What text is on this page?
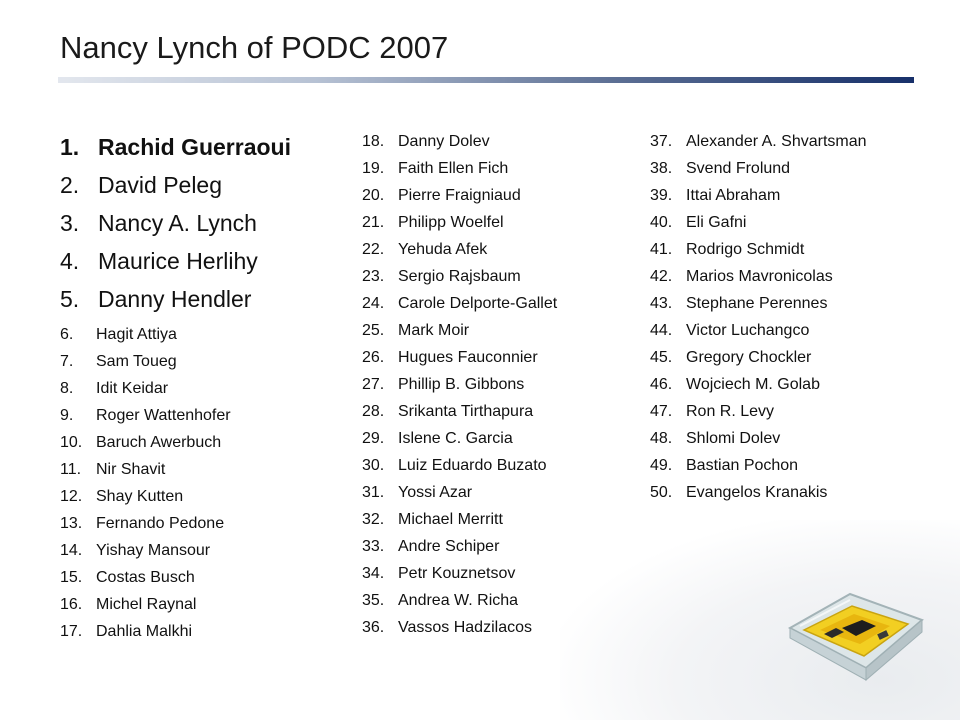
Nancy Lynch of PODC 2007
1. Rachid Guerraoui
2. David Peleg
3. Nancy A. Lynch
4. Maurice Herlihy
5. Danny Hendler
6.	Hagit Attiya
7.	Sam Toueg
8.	Idit Keidar
9.	Roger Wattenhofer
10. Baruch Awerbuch
11. Nir Shavit
12. Shay Kutten
13. Fernando Pedone
14. Yishay Mansour
15. Costas Busch
16. Michel Raynal
17. Dahlia Malkhi
18. Danny Dolev
19. Faith Ellen Fich
20. Pierre Fraigniaud
21. Philipp Woelfel
22. Yehuda Afek
23. Sergio Rajsbaum
24. Carole Delporte-Gallet
25. Mark Moir
26. Hugues Fauconnier
27. Phillip B. Gibbons
28. Srikanta Tirthapura
29. Islene C. Garcia
30. Luiz Eduardo Buzato
31. Yossi Azar
32. Michael Merritt
33. Andre Schiper
34. Petr Kouznetsov
35. Andrea W. Richa
36. Vassos Hadzilacos
37. Alexander A. Shvartsman
38. Svend Frolund
39. Ittai Abraham
40. Eli Gafni
41. Rodrigo Schmidt
42. Marios Mavronicolas
43. Stephane Perennes
44. Victor Luchangco
45. Gregory Chockler
46. Wojciech M. Golab
47. Ron R. Levy
48. Shlomi Dolev
49. Bastian Pochon
50. Evangelos Kranakis
